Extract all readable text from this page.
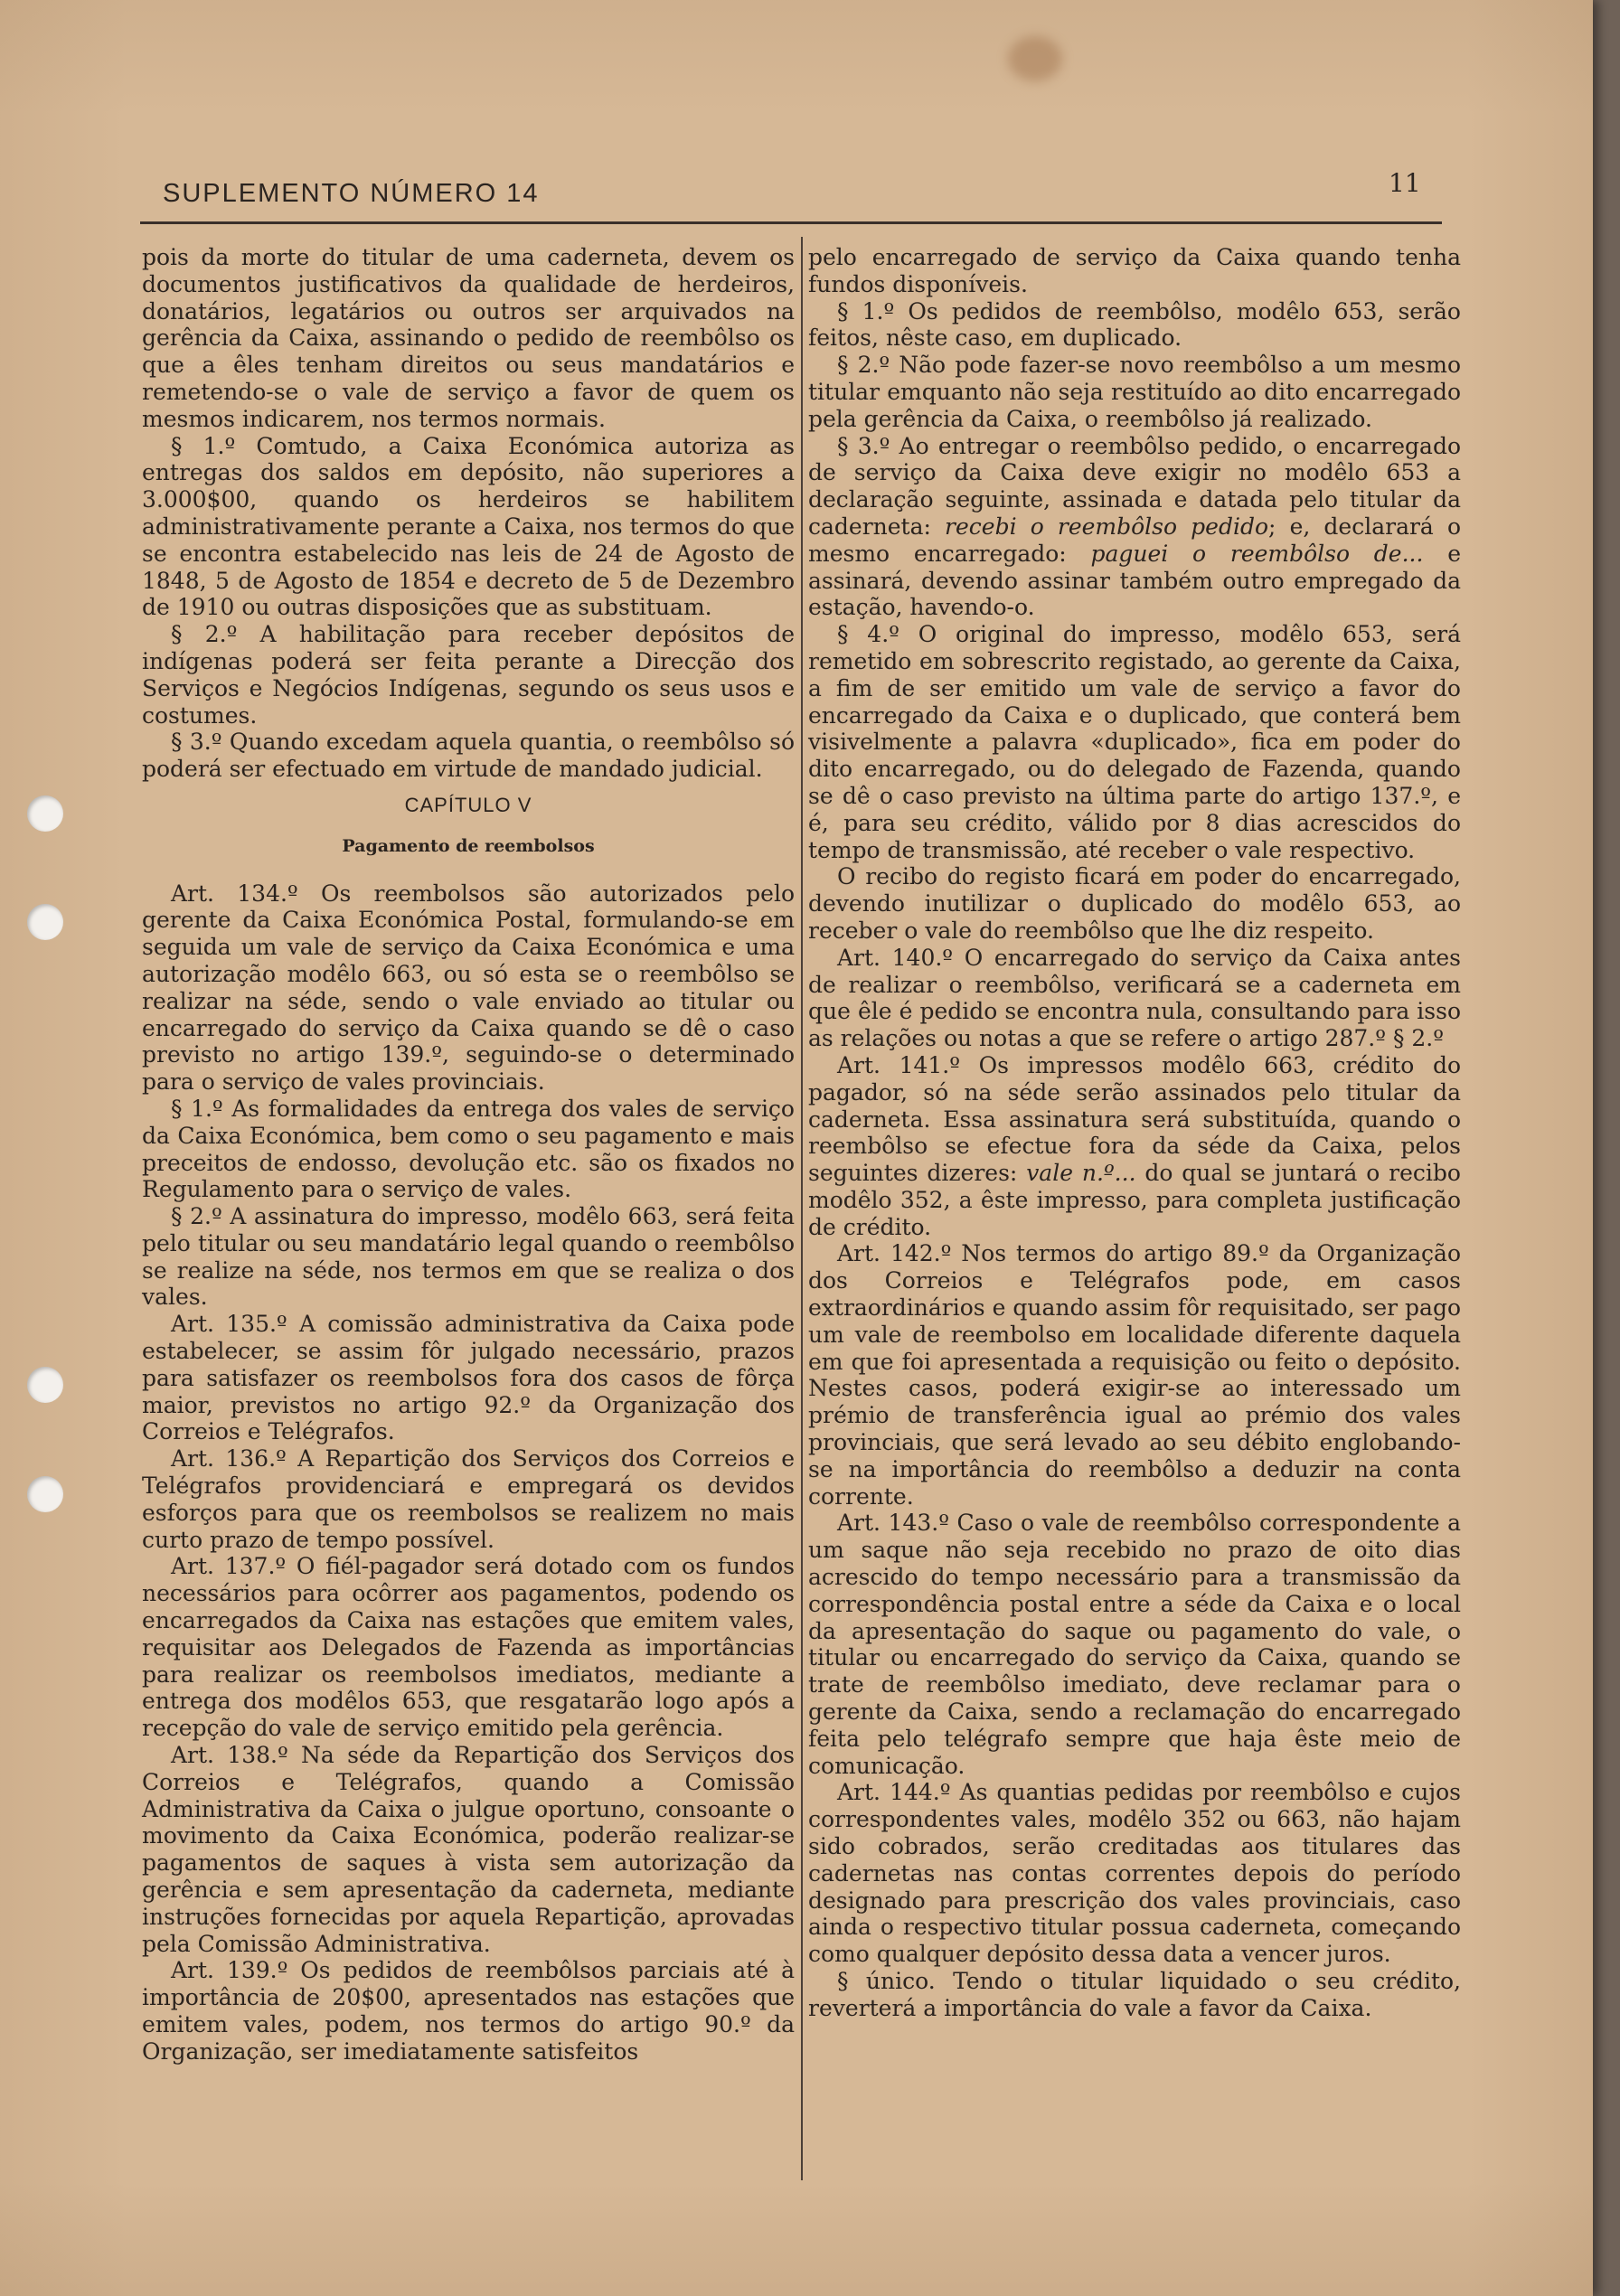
SUPLEMENTO NÚMERO 14	11

pois da morte do titular de uma caderneta, devem os documentos justificativos da qualidade de herdeiros, donatários, legatários ou outros ser arquivados na gerência da Caixa, assinando o pedido de reembôlso os que a êles tenham direitos ou seus mandatários e remetendo-se o vale de serviço a favor de quem os mesmos indicarem, nos termos normais.

§ 1.º Comtudo, a Caixa Económica autoriza as entregas dos saldos em depósito, não superiores a 3.000$00, quando os herdeiros se habilitem administrativamente perante a Caixa, nos termos do que se encontra estabelecido nas leis de 24 de Agosto de 1848, 5 de Agosto de 1854 e decreto de 5 de Dezembro de 1910 ou outras disposições que as substituam.

§ 2.º A habilitação para receber depósitos de indígenas poderá ser feita perante a Direcção dos Serviços e Negócios Indígenas, segundo os seus usos e costumes.

§ 3.º Quando excedam aquela quantia, o reembôlso só poderá ser efectuado em virtude de mandado judicial.

CAPÍTULO V
Pagamento de reembolsos

Art. 134.º Os reembolsos são autorizados pelo gerente da Caixa Económica Postal, formulando-se em seguida um vale de serviço da Caixa Económica e uma autorização modêlo 663, ou só esta se o reembôlso se realizar na séde, sendo o vale enviado ao titular ou encarregado do serviço da Caixa quando se dê o caso previsto no artigo 139.º, seguindo-se o determinado para o serviço de vales provinciais.

§ 1.º As formalidades da entrega dos vales de serviço da Caixa Económica, bem como o seu pagamento e mais preceitos de endosso, devolução etc. são os fixados no Regulamento para o serviço de vales.

§ 2.º A assinatura do impresso, modêlo 663, será feita pelo titular ou seu mandatário legal quando o reembôlso se realize na séde, nos termos em que se realiza o dos vales.

Art. 135.º A comissão administrativa da Caixa pode estabelecer, se assim fôr julgado necessário, prazos para satisfazer os reembolsos fora dos casos de fôrça maior, previstos no artigo 92.º da Organização dos Correios e Telégrafos.

Art. 136.º A Repartição dos Serviços dos Correios e Telégrafos providenciará e empregará os devidos esforços para que os reembolsos se realizem no mais curto prazo de tempo possível.

Art. 137.º O fiél-pagador será dotado com os fundos necessários para ocôrrer aos pagamentos, podendo os encarregados da Caixa nas estações que emitem vales, requisitar aos Delegados de Fazenda as importâncias para realizar os reembolsos imediatos, mediante a entrega dos modêlos 653, que resgatarão logo após a recepção do vale de serviço emitido pela gerência.

Art. 138.º Na séde da Repartição dos Serviços dos Correios e Telégrafos, quando a Comissão Administrativa da Caixa o julgue oportuno, consoante o movimento da Caixa Económica, poderão realizar-se pagamentos de saques à vista sem autorização da gerência e sem apresentação da caderneta, mediante instruções fornecidas por aquela Repartição, aprovadas pela Comissão Administrativa.

Art. 139.º Os pedidos de reembôlsos parciais até à importância de 20$00, apresentados nas estações que emitem vales, podem, nos termos do artigo 90.º da Organização, ser imediatamente satisfeitos

pelo encarregado de serviço da Caixa quando tenha fundos disponíveis.

§ 1.º Os pedidos de reembôlso, modêlo 653, serão feitos, nêste caso, em duplicado.

§ 2.º Não pode fazer-se novo reembôlso a um mesmo titular emquanto não seja restituído ao dito encarregado pela gerência da Caixa, o reembôlso já realizado.

§ 3.º Ao entregar o reembôlso pedido, o encarregado de serviço da Caixa deve exigir no modêlo 653 a declaração seguinte, assinada e datada pelo titular da caderneta: recebi o reembôlso pedido; e, declarará o mesmo encarregado: paguei o reembôlso de... e assinará, devendo assinar também outro empregado da estação, havendo-o.

§ 4.º O original do impresso, modêlo 653, será remetido em sobrescrito registado, ao gerente da Caixa, a fim de ser emitido um vale de serviço a favor do encarregado da Caixa e o duplicado, que conterá bem visivelmente a palavra «duplicado», fica em poder do dito encarregado, ou do delegado de Fazenda, quando se dê o caso previsto na última parte do artigo 137.º, e é, para seu crédito, válido por 8 dias acrescidos do tempo de transmissão, até receber o vale respectivo.

O recibo do registo ficará em poder do encarregado, devendo inutilizar o duplicado do modêlo 653, ao receber o vale do reembôlso que lhe diz respeito.

Art. 140.º O encarregado do serviço da Caixa antes de realizar o reembôlso, verificará se a caderneta em que êle é pedido se encontra nula, consultando para isso as relações ou notas a que se refere o artigo 287.º § 2.º

Art. 141.º Os impressos modêlo 663, crédito do pagador, só na séde serão assinados pelo titular da caderneta. Essa assinatura será substituída, quando o reembôlso se efectue fora da séde da Caixa, pelos seguintes dizeres: vale n.º... do qual se juntará o recibo modêlo 352, a êste impresso, para completa justificação de crédito.

Art. 142.º Nos termos do artigo 89.º da Organização dos Correios e Telégrafos pode, em casos extraordinários e quando assim fôr requisitado, ser pago um vale de reembolso em localidade diferente daquela em que foi apresentada a requisição ou feito o depósito. Nestes casos, poderá exigir-se ao interessado um prémio de transferência igual ao prémio dos vales provinciais, que será levado ao seu débito englobando-se na importância do reembôlso a deduzir na conta corrente.

Art. 143.º Caso o vale de reembôlso correspondente a um saque não seja recebido no prazo de oito dias acrescido do tempo necessário para a transmissão da correspondência postal entre a séde da Caixa e o local da apresentação do saque ou pagamento do vale, o titular ou encarregado do serviço da Caixa, quando se trate de reembôlso imediato, deve reclamar para o gerente da Caixa, sendo a reclamação do encarregado feita pelo telégrafo sempre que haja êste meio de comunicação.

Art. 144.º As quantias pedidas por reembôlso e cujos correspondentes vales, modêlo 352 ou 663, não hajam sido cobrados, serão creditadas aos titulares das cadernetas nas contas correntes depois do período designado para prescrição dos vales provinciais, caso ainda o respectivo titular possua caderneta, começando como qualquer depósito dessa data a vencer juros.

§ único. Tendo o titular liquidado o seu crédito, reverterá a importância do vale a favor da Caixa.
